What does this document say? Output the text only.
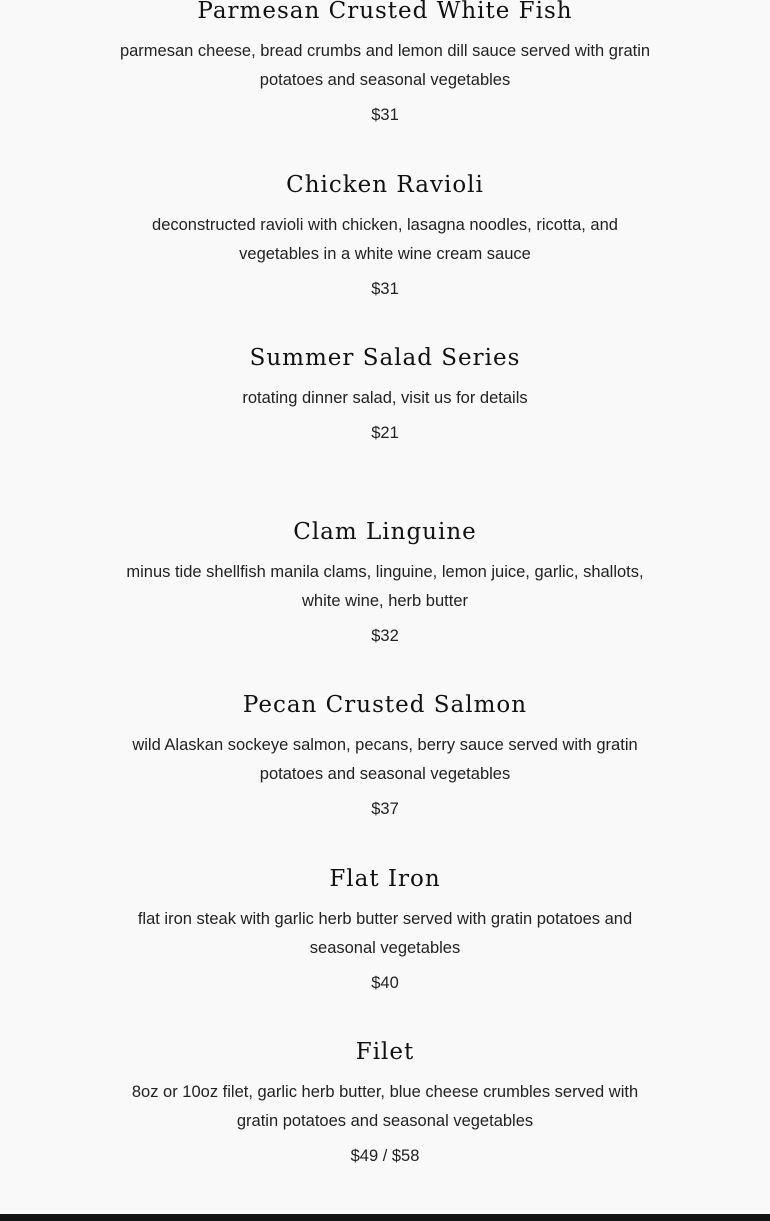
Parmesan Crusted White Fish
parmesan cheese, bread crumbs and lemon dill sauce served with gratin potatoes and seasonal vegetables
$31
Chicken Ravioli
deconstructed ravioli with chicken, lasagna noodles, ricotta, and vegetables in a white wine cream sauce
$31
Summer Salad Series
rotating dinner salad, visit us for details
$21
Clam Linguine
minus tide shellfish manila clams, linguine, lemon juice, garlic, shallots, white wine, herb butter
$32
Pecan Crusted Salmon
wild Alaskan sockeye salmon, pecans, berry sauce served with gratin potatoes and seasonal vegetables
$37
Flat Iron
flat iron steak with garlic herb butter served with gratin potatoes and seasonal vegetables
$40
Filet
8oz or 10oz filet, garlic herb butter, blue cheese crumbles served with gratin potatoes and seasonal vegetables
$49 / $58
